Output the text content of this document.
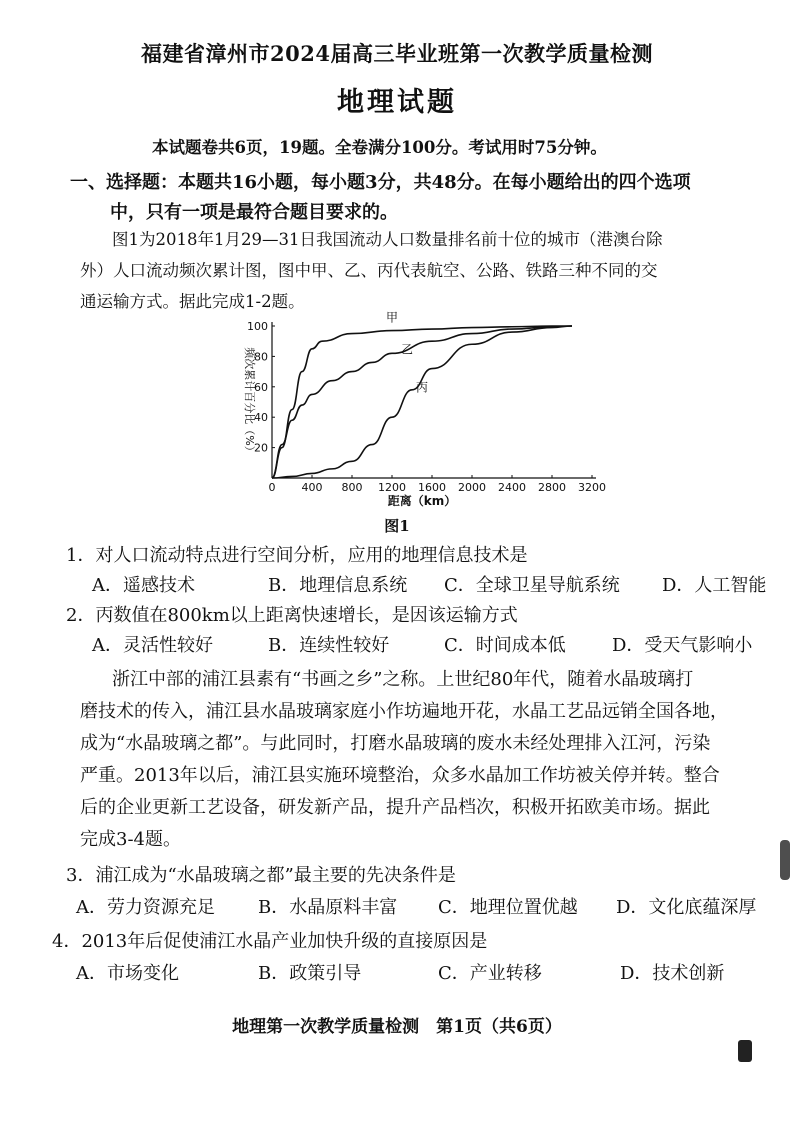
福建省漳州市2024届高三毕业班第一次教学质量检测
地理试题
本试题卷共6页，19题。全卷满分100分。考试用时75分钟。
一、选择题：本题共16小题，每小题3分，共48分。在每小题给出的四个选项
中，只有一项是最符合题目要求的。
图1为2018年1月29—31日我国流动人口数量排名前十位的城市（港澳台除
外）人口流动频次累计图，图中甲、乙、丙代表航空、公路、铁路三种不同的交
通运输方式。据此完成1-2题。
0 400 800 1200 1600 2000 2400 2800 3200
20
40
60
80
100
甲
乙
丙
频次累计百分比（%）
距离（km）
图1
1．对人口流动特点进行空间分析，应用的地理信息技术是
A．遥感技术	B．地理信息系统 C．全球卫星导航系统 D．人工智能
2．丙数值在800km以上距离快速增长，是因该运输方式
A．灵活性较好	B．连续性较好	C．时间成本低	D．受天气影响小
浙江中部的浦江县素有“书画之乡”之称。上世纪80年代，随着水晶玻璃打
磨技术的传入，浦江县水晶玻璃家庭小作坊遍地开花，水晶工艺品远销全国各地，
成为“水晶玻璃之都”。与此同时，打磨水晶玻璃的废水未经处理排入江河，污染
严重。2013年以后，浦江县实施环境整治，众多水晶加工作坊被关停并转。整合
后的企业更新工艺设备，研发新产品，提升产品档次，积极开拓欧美市场。据此
完成3-4题。
3．浦江成为“水晶玻璃之都”最主要的先决条件是
A．劳力资源充足 B．水晶原料丰富 C．地理位置优越 D．文化底蕴深厚
4．2013年后促使浦江水晶产业加快升级的直接原因是
A．市场变化	B．政策引导	C．产业转移	D．技术创新
地理第一次教学质量检测　第1页（共6页）
